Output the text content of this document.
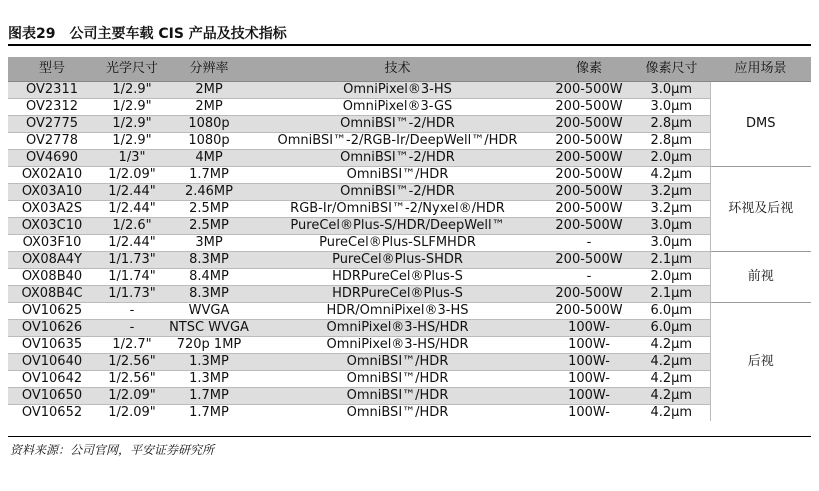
图表29 公司主要车载 CIS 产品及技术指标
型号	光学尺寸	分辨率	技术	像素	像素尺寸	应用场景
OV2311	1/2.9"	2MP	OmniPixel®3-HS	200-500W	3.0μm	DMS
OV2312	1/2.9"	2MP	OmniPixel®3-GS	200-500W	3.0μm	
OV2775	1/2.9"	1080p	OmniBSI™-2/HDR	200-500W	2.8μm	
OV2778	1/2.9"	1080p	OmniBSI™-2/RGB-Ir/DeepWell™/HDR	200-500W	2.8μm	
OV4690	1/3"	4MP	OmniBSI™-2/HDR	200-500W	2.0μm	
OX02A10	1/2.09"	1.7MP	OmniBSI™/HDR	200-500W	4.2μm	环视及后视
OX03A10	1/2.44"	2.46MP	OmniBSI™-2/HDR	200-500W	3.2μm	
OX03A2S	1/2.44"	2.5MP	RGB-Ir/OmniBSI™-2/Nyxel®/HDR	200-500W	3.2μm	
OX03C10	1/2.6"	2.5MP	PureCel®Plus-S/HDR/DeepWell™	200-500W	3.0μm	
OX03F10	1/2.44"	3MP	PureCel®Plus-SLFMHDR	-	3.0μm	
OX08A4Y	1/1.73"	8.3MP	PureCel®Plus-SHDR	200-500W	2.1μm	前视
OX08B40	1/1.74"	8.4MP	HDRPureCel®Plus-S	-	2.0μm	
OX08B4C	1/1.73"	8.3MP	HDRPureCel®Plus-S	200-500W	2.1μm	
OV10625	-	WVGA	HDR/OmniPixel®3-HS	200-500W	6.0μm	后视
OV10626	-	NTSC WVGA	OmniPixel®3-HS/HDR	100W-	6.0μm	
OV10635	1/2.7"	720p 1MP	OmniPixel®3-HS/HDR	100W-	4.2μm	
OV10640	1/2.56"	1.3MP	OmniBSI™/HDR	100W-	4.2μm	
OV10642	1/2.56"	1.3MP	OmniBSI™/HDR	100W-	4.2μm	
OV10650	1/2.09"	1.7MP	OmniBSI™/HDR	100W-	4.2μm	
OV10652	1/2.09"	1.7MP	OmniBSI™/HDR	100W-	4.2μm	
资料来源：公司官网，平安证券研究所
